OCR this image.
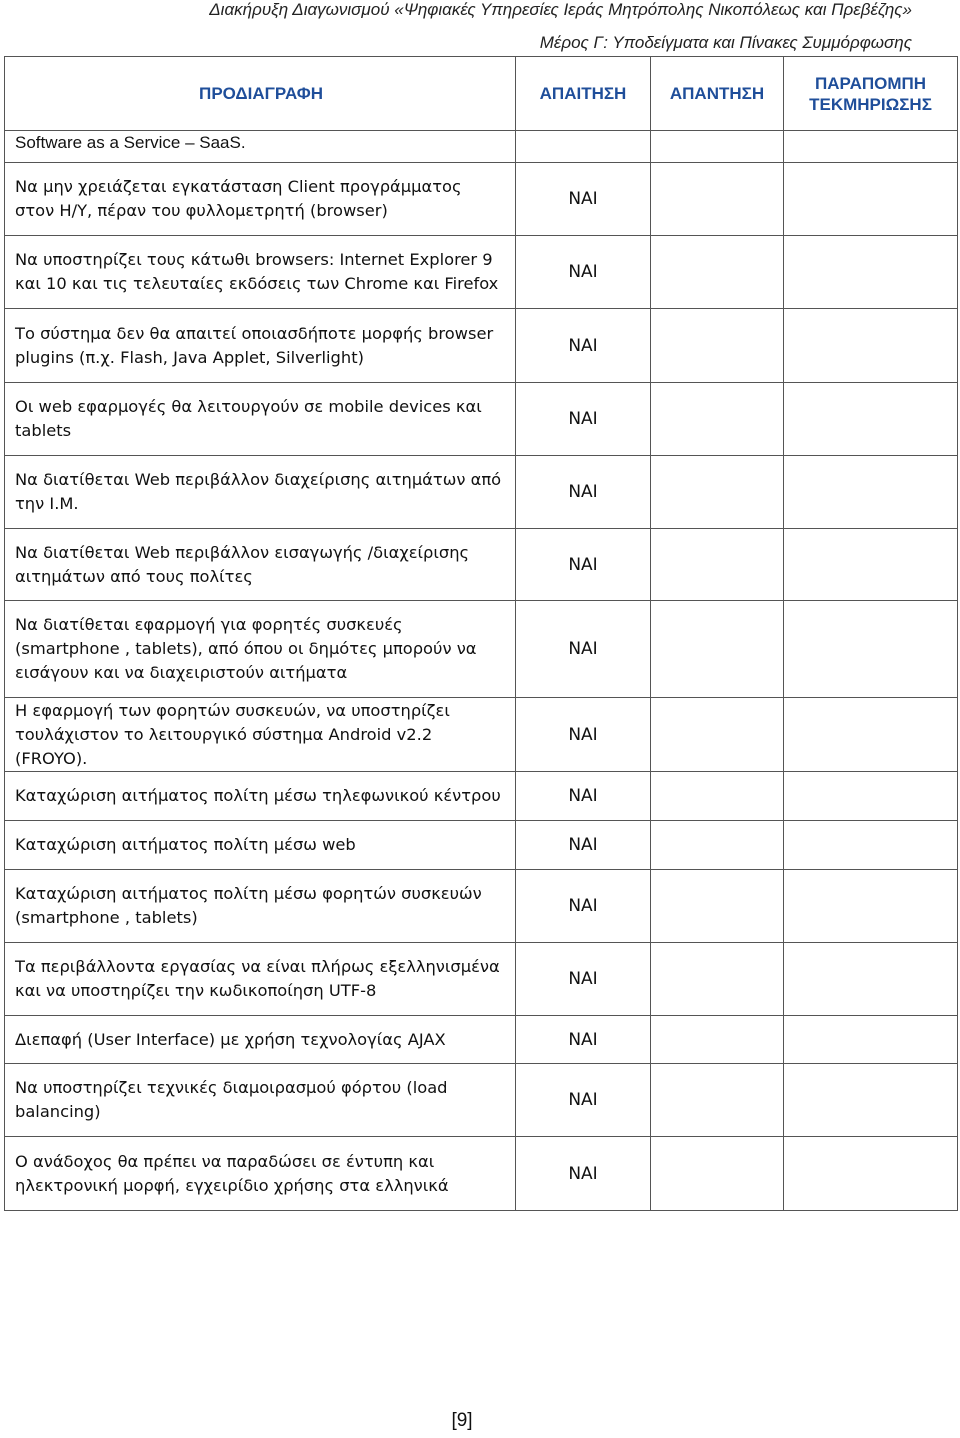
Διακήρυξη Διαγωνισμού «Ψηφιακές Υπηρεσίες Ιεράς Μητρόπολης Νικοπόλεως και Πρεβέζης»
Μέρος Γ: Υποδείγματα και Πίνακες Συμμόρφωσης
ΠΡΟΔΙΑΓΡΑΦΗ	ΑΠΑΙΤΗΣΗ	ΑΠΑΝΤΗΣΗ	ΠΑΡΑΠΟΜΠΗ ΤΕΚΜΗΡΙΩΣΗΣ
Software as a Service – SaaS.			
Να μην χρειάζεται εγκατάσταση Client προγράμματος στον Η/Υ, πέραν του φυλλομετρητή (browser)	ΝΑΙ		
Να υποστηρίζει τους κάτωθι browsers: Internet Explorer 9 και 10 και τις τελευταίες εκδόσεις των Chrome και Firefox	ΝΑΙ		
Το σύστημα δεν θα απαιτεί οποιασδήποτε μορφής browser plugins (π.χ. Flash, Java Applet, Silverlight)	ΝΑΙ		
Οι web εφαρμογές θα λειτουργούν σε mobile devices και tablets	ΝΑΙ		
Να διατίθεται Web περιβάλλον διαχείρισης αιτημάτων από την Ι.Μ.	ΝΑΙ		
Να διατίθεται Web περιβάλλον εισαγωγής /διαχείρισης αιτημάτων από τους πολίτες	ΝΑΙ		
Να διατίθεται εφαρμογή για φορητές συσκευές (smartphone , tablets), από όπου οι δημότες μπορούν να εισάγουν και να διαχειριστούν αιτήματα	ΝΑΙ		
Η εφαρμογή των φορητών συσκευών, να υποστηρίζει τουλάχιστον το λειτουργικό σύστημα Android v2.2 (FROYO).	ΝΑΙ		
Καταχώριση αιτήματος πολίτη μέσω τηλεφωνικού κέντρου	ΝΑΙ		
Καταχώριση αιτήματος πολίτη μέσω web	ΝΑΙ		
Καταχώριση αιτήματος πολίτη μέσω φορητών συσκευών (smartphone , tablets)	ΝΑΙ		
Τα περιβάλλοντα εργασίας να είναι πλήρως εξελληνισμένα και να υποστηρίζει την κωδικοποίηση UTF-8	ΝΑΙ		
Διεπαφή (User Interface) με χρήση τεχνολογίας AJAX	ΝΑΙ		
Να υποστηρίζει τεχνικές διαμοιρασμού φόρτου (load balancing)	ΝΑΙ		
Ο ανάδοχος θα πρέπει να παραδώσει σε έντυπη και ηλεκτρονική μορφή, εγχειρίδιο χρήσης στα ελληνικά	ΝΑΙ		
[9]
